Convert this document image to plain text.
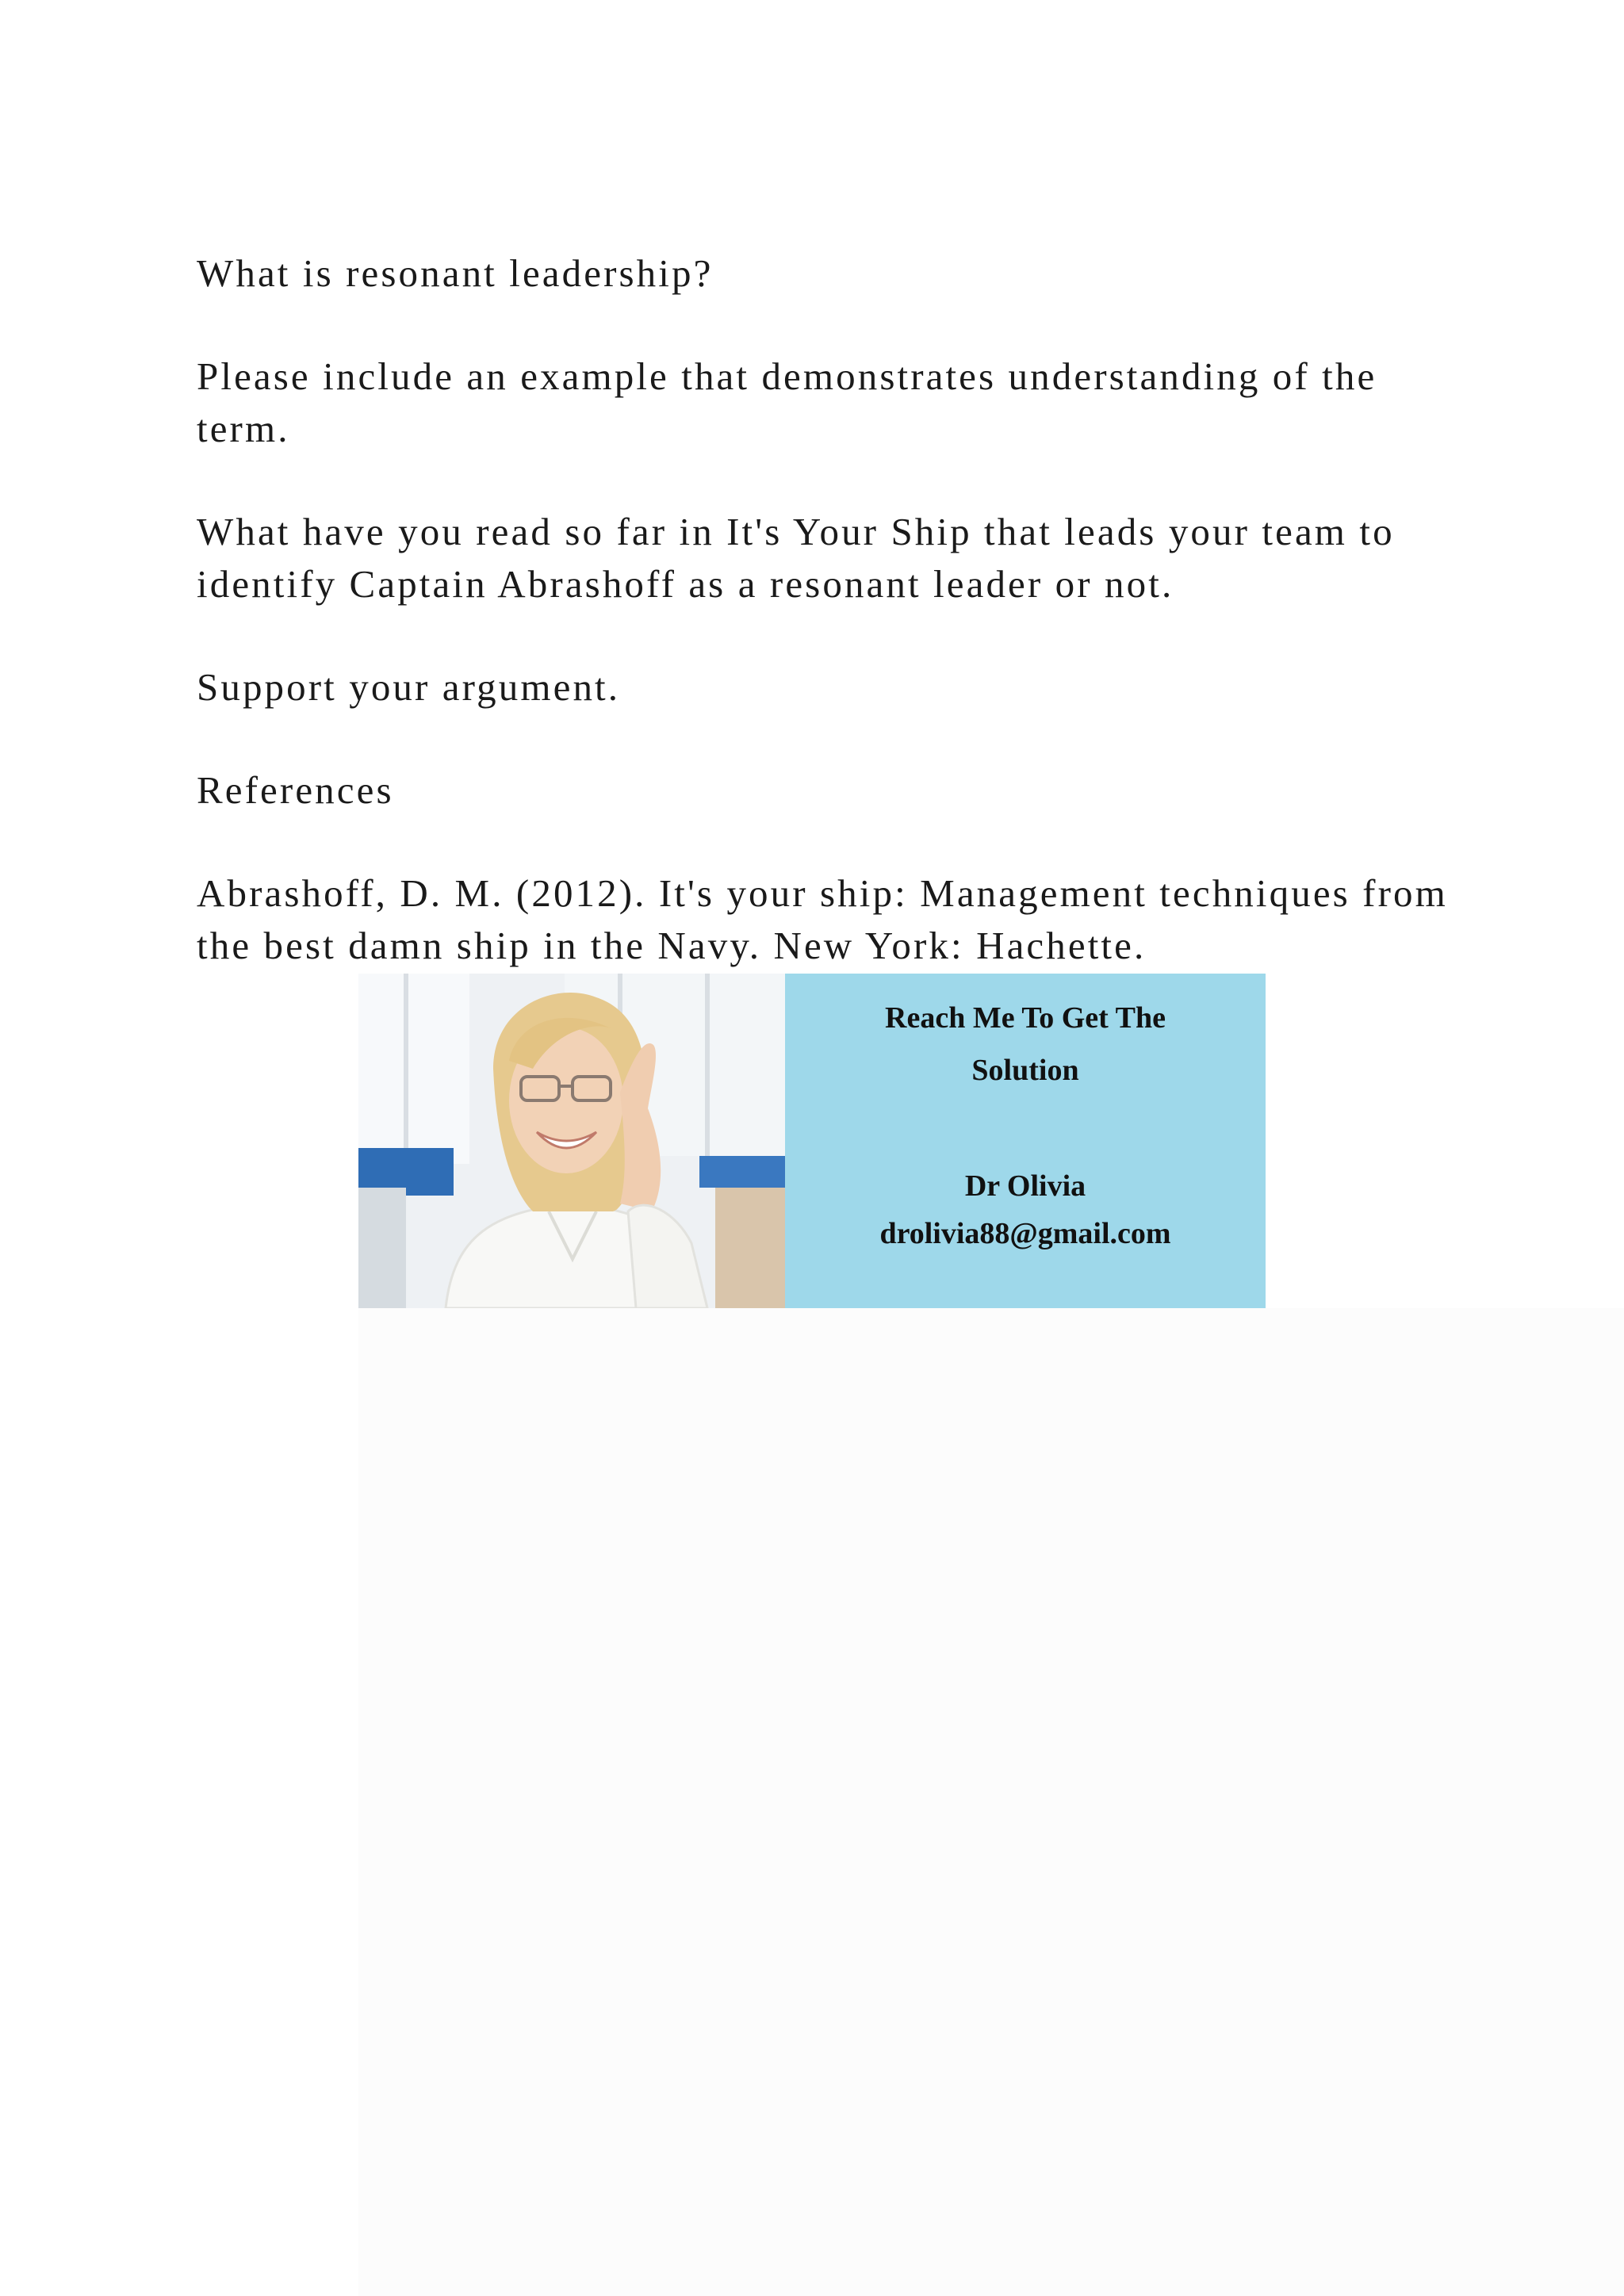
What is resonant leadership?

Please include an example that demonstrates understanding of the term.

What have you read so far in It's Your Ship that leads your team to identify Captain Abrashoff as a resonant leader or not.

Support your argument.

References

Abrashoff, D. M. (2012). It's your ship: Management techniques from the best damn ship in the Navy. New York: Hachette.

Reach Me To Get The
Solution
Dr Olivia
drolivia88@gmail.com
